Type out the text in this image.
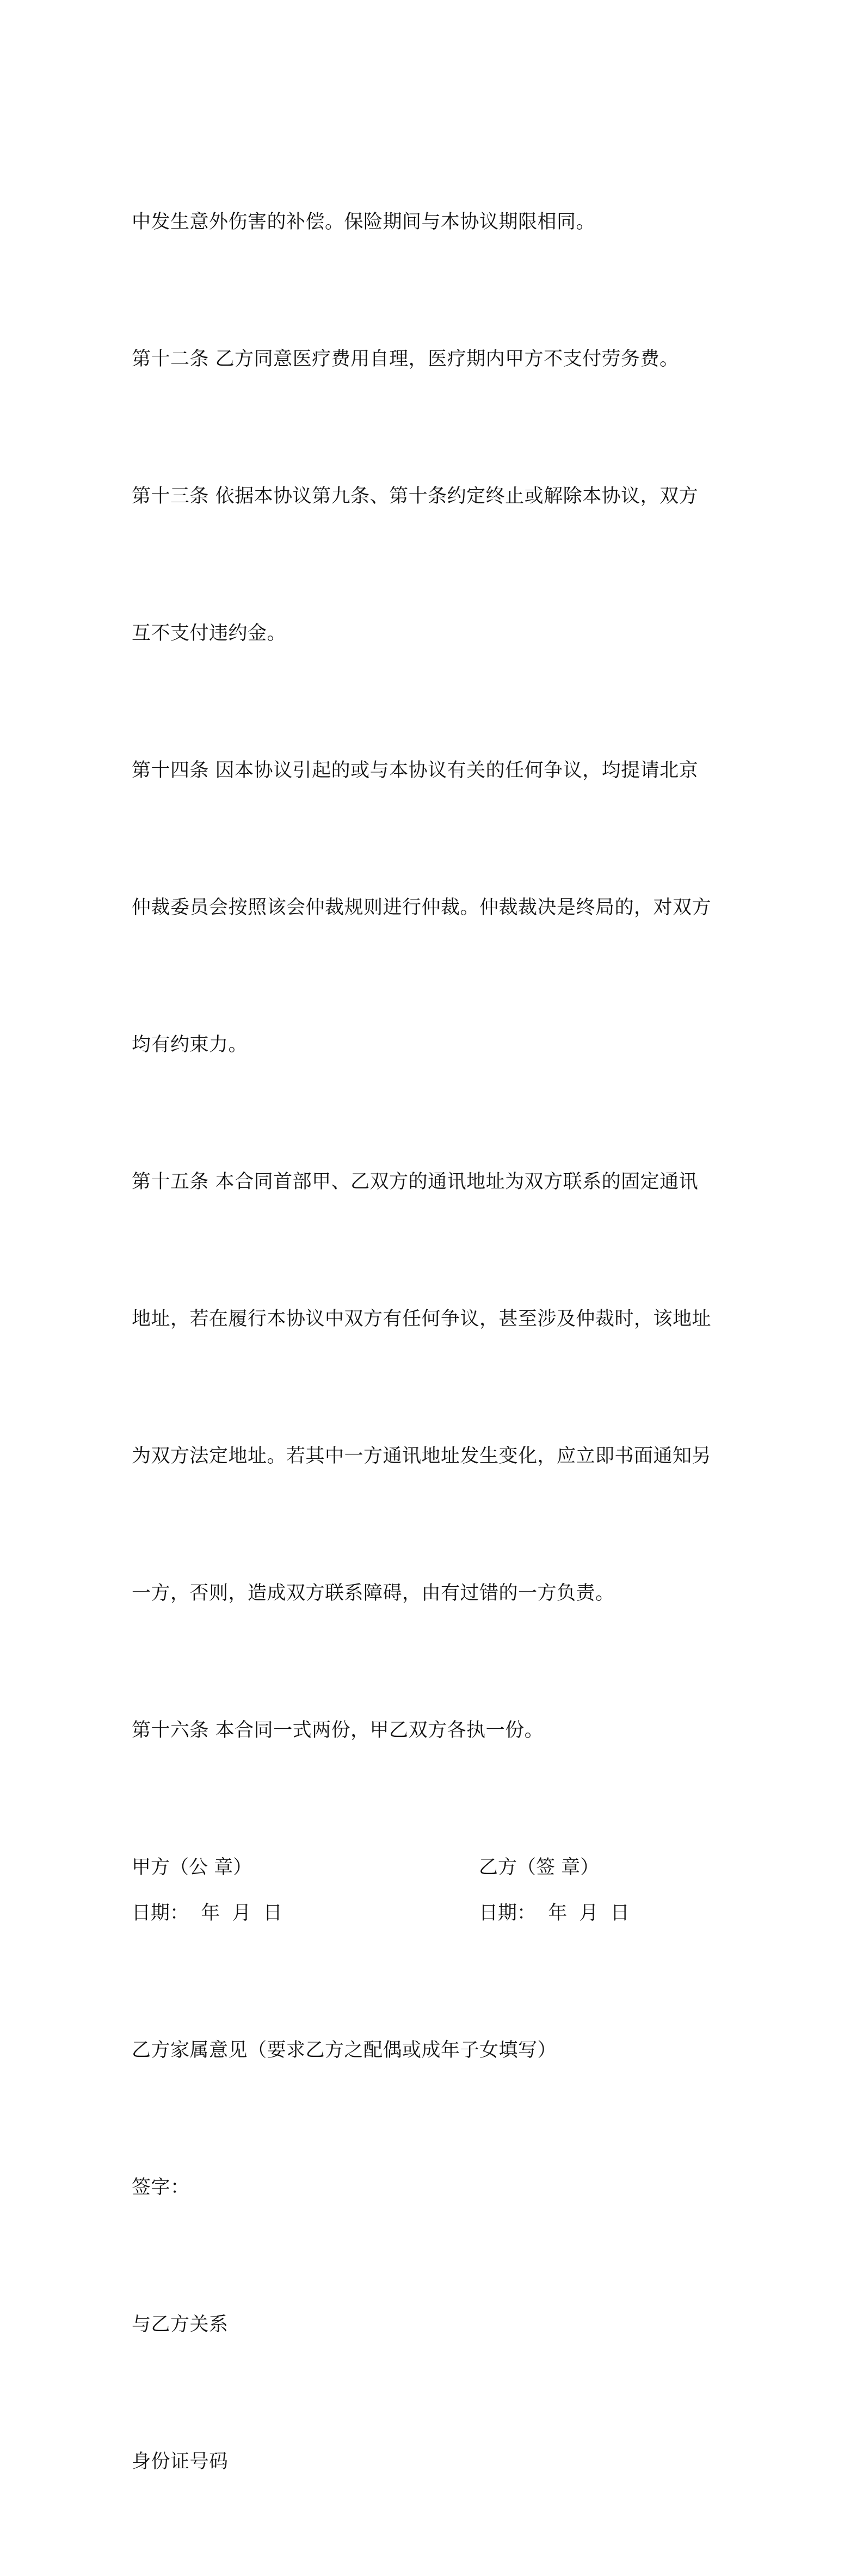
中发生意外伤害的补偿。保险期间与本协议期限相同。

第十二条 乙方同意医疗费用自理，医疗期内甲方不支付劳务费。

第十三条 依据本协议第九条、第十条约定终止或解除本协议，双方

互不支付违约金。

第十四条 因本协议引起的或与本协议有关的任何争议，均提请北京

仲裁委员会按照该会仲裁规则进行仲裁。仲裁裁决是终局的，对双方

均有约束力。

第十五条 本合同首部甲、乙双方的通讯地址为双方联系的固定通讯

地址，若在履行本协议中双方有任何争议，甚至涉及仲裁时，该地址

为双方法定地址。若其中一方通讯地址发生变化，应立即书面通知另

一方，否则，造成双方联系障碍，由有过错的一方负责。

第十六条 本合同一式两份，甲乙双方各执一份。

甲方（公 章）

	乙方（签 章）

日期：  年  月  日

	日期：  年  月  日

乙方家属意见（要求乙方之配偶或成年子女填写）

签字：

与乙方关系

身份证号码
